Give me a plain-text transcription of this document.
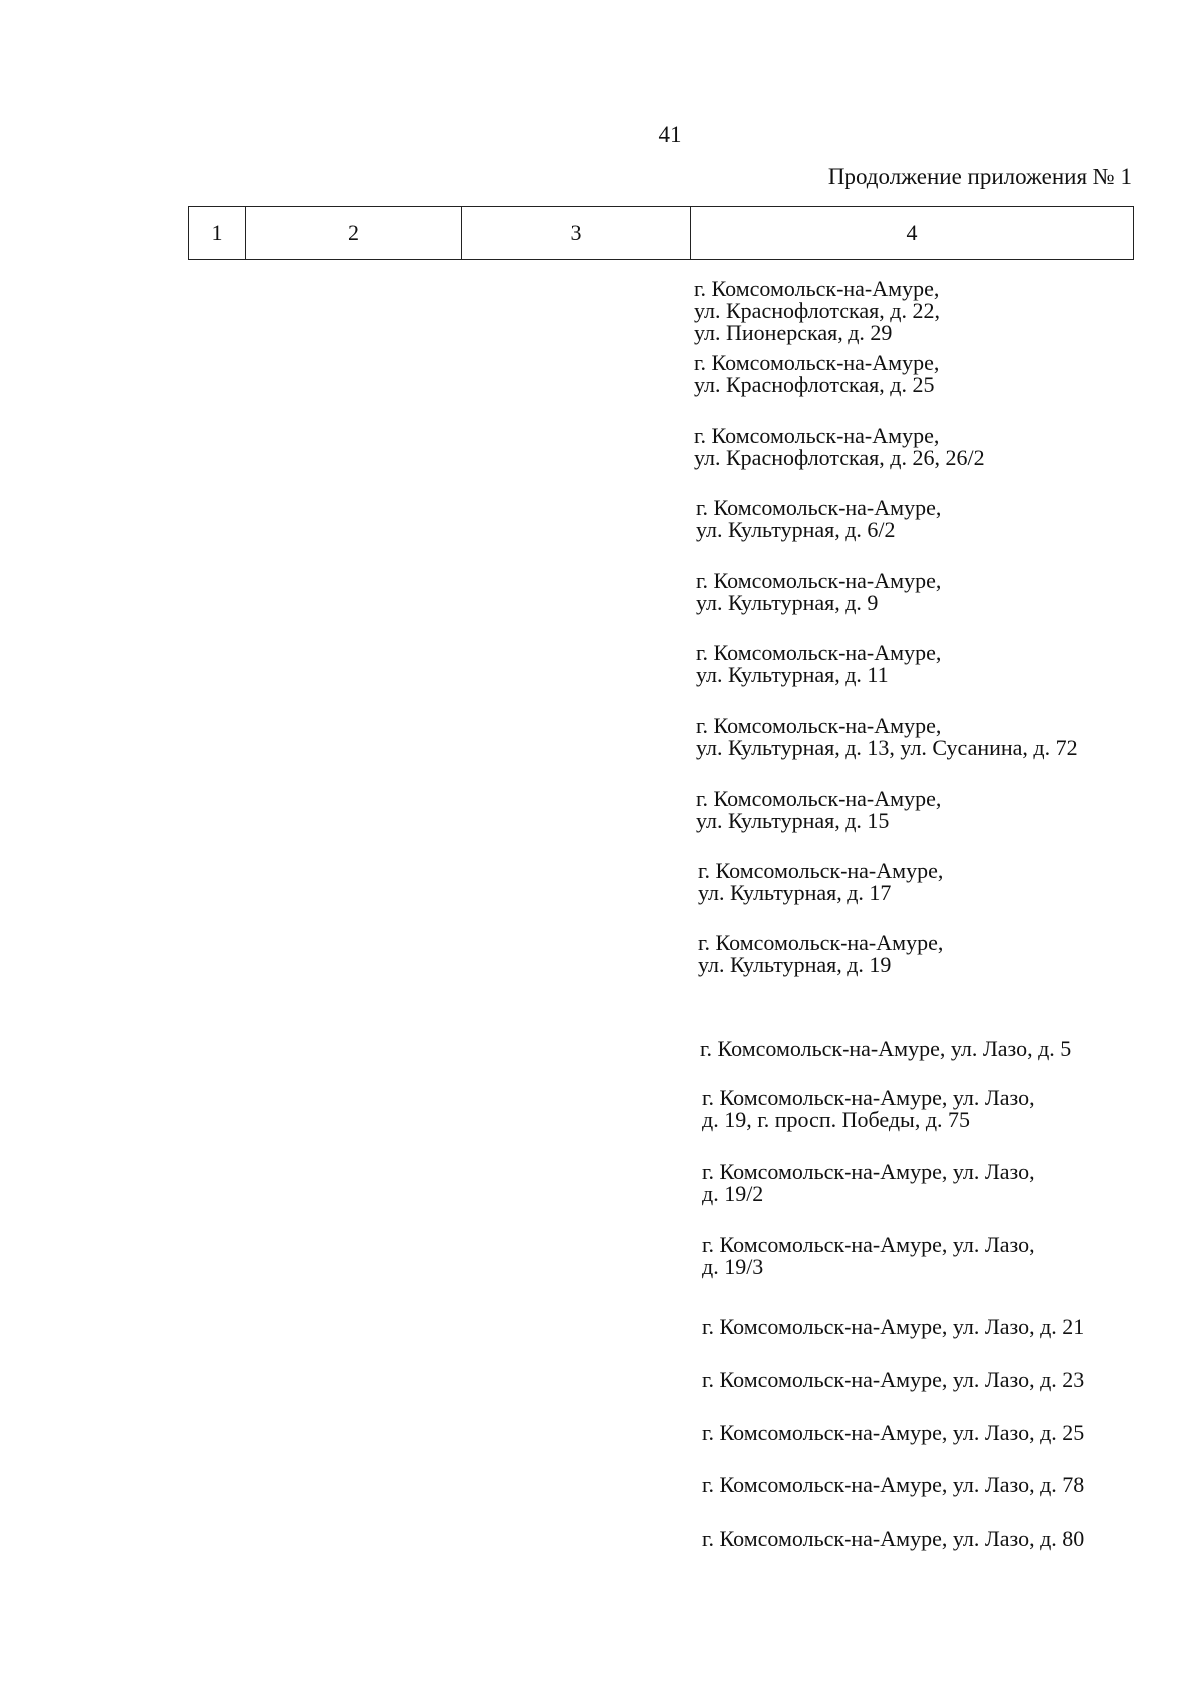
41
Продолжение приложения № 1
1	2	3	4
г. Комсомольск-на-Амуре,
ул. Краснофлотская, д. 22,
ул. Пионерская, д. 29
г. Комсомольск-на-Амуре,
ул. Краснофлотская, д. 25
г. Комсомольск-на-Амуре,
ул. Краснофлотская, д. 26, 26/2
г. Комсомольск-на-Амуре,
ул. Культурная, д. 6/2
г. Комсомольск-на-Амуре,
ул. Культурная, д. 9
г. Комсомольск-на-Амуре,
ул. Культурная, д. 11
г. Комсомольск-на-Амуре,
ул. Культурная, д. 13, ул. Сусанина, д. 72
г. Комсомольск-на-Амуре,
ул. Культурная, д. 15
г. Комсомольск-на-Амуре,
ул. Культурная, д. 17
г. Комсомольск-на-Амуре,
ул. Культурная, д. 19
г. Комсомольск-на-Амуре, ул. Лазо, д. 5
г. Комсомольск-на-Амуре, ул. Лазо,
д. 19, г. просп. Победы, д. 75
г. Комсомольск-на-Амуре, ул. Лазо,
д. 19/2
г. Комсомольск-на-Амуре, ул. Лазо,
д. 19/3
г. Комсомольск-на-Амуре, ул. Лазо, д. 21
г. Комсомольск-на-Амуре, ул. Лазо, д. 23
г. Комсомольск-на-Амуре, ул. Лазо, д. 25
г. Комсомольск-на-Амуре, ул. Лазо, д. 78
г. Комсомольск-на-Амуре, ул. Лазо, д. 80
